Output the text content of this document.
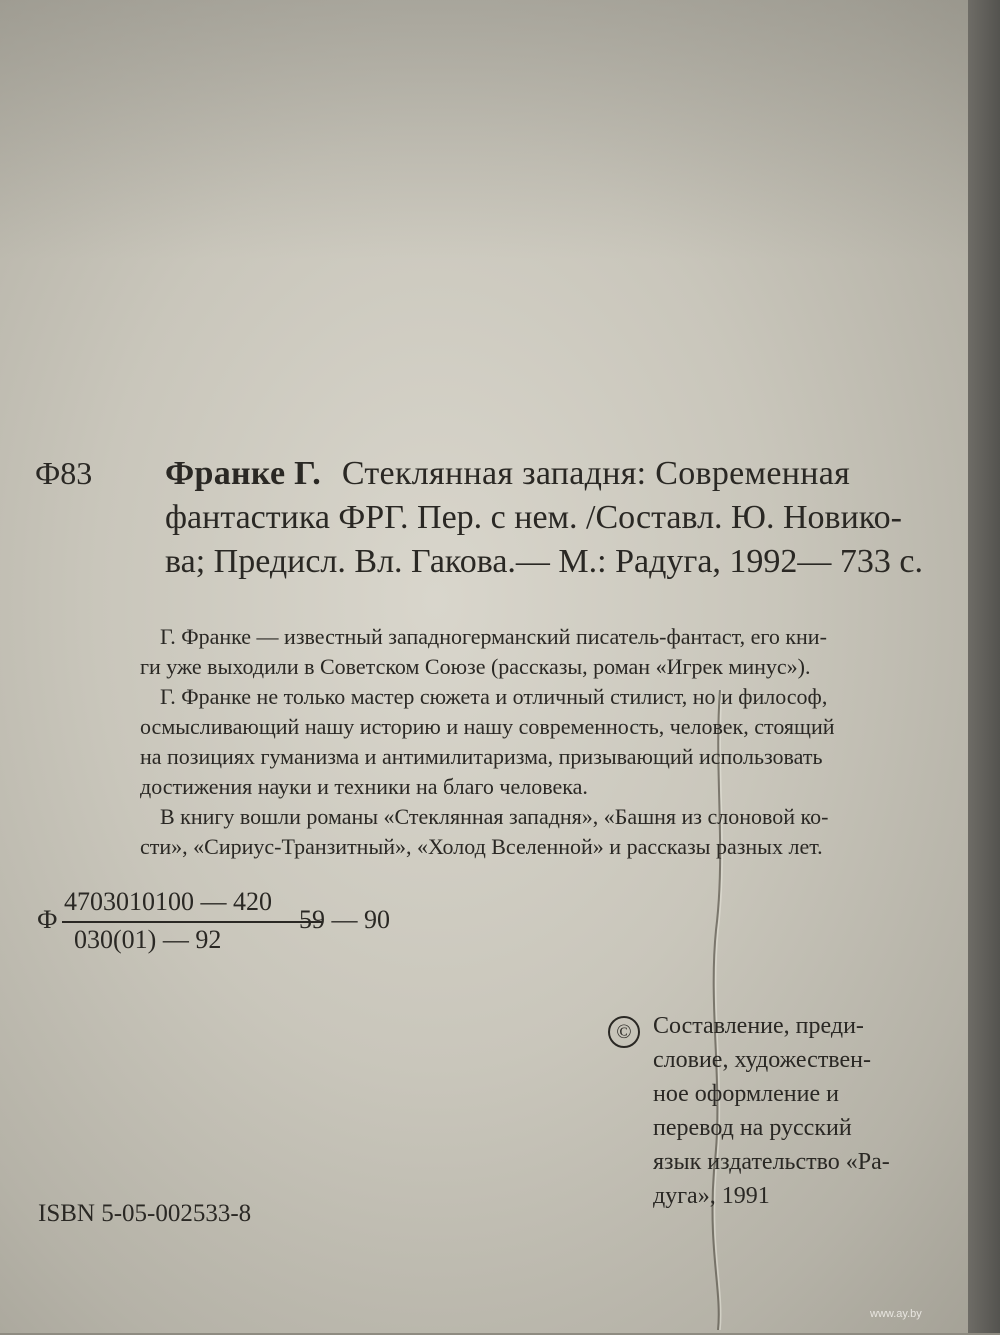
Ф83 Франке Г. Стеклянная западня: Современная
фантастика ФРГ. Пер. с нем. /Составл. Ю. Новико-
ва; Предисл. Вл. Гакова.— М.: Радуга, 1992— 733 с.
Г. Франке — известный западногерманский писатель-фантаст, его кни-
ги уже выходили в Советском Союзе (рассказы, роман «Игрек минус»).
Г. Франке не только мастер сюжета и отличный стилист, но и философ,
осмысливающий нашу историю и нашу современность, человек, стоящий
на позициях гуманизма и антимилитаризма, призывающий использовать
достижения науки и техники на благо человека.
В книгу вошли романы «Стеклянная западня», «Башня из слоновой ко-
сти», «Сириус-Транзитный», «Холод Вселенной» и рассказы разных лет.
Ф
4703010100 — 420
030(01) — 92
59 — 90
© Составление, преди-
словие, художествен-
ное оформление и
перевод на русский
язык издательство «Ра-
дуга», 1991
ISBN 5-05-002533-8
www.ay.by
